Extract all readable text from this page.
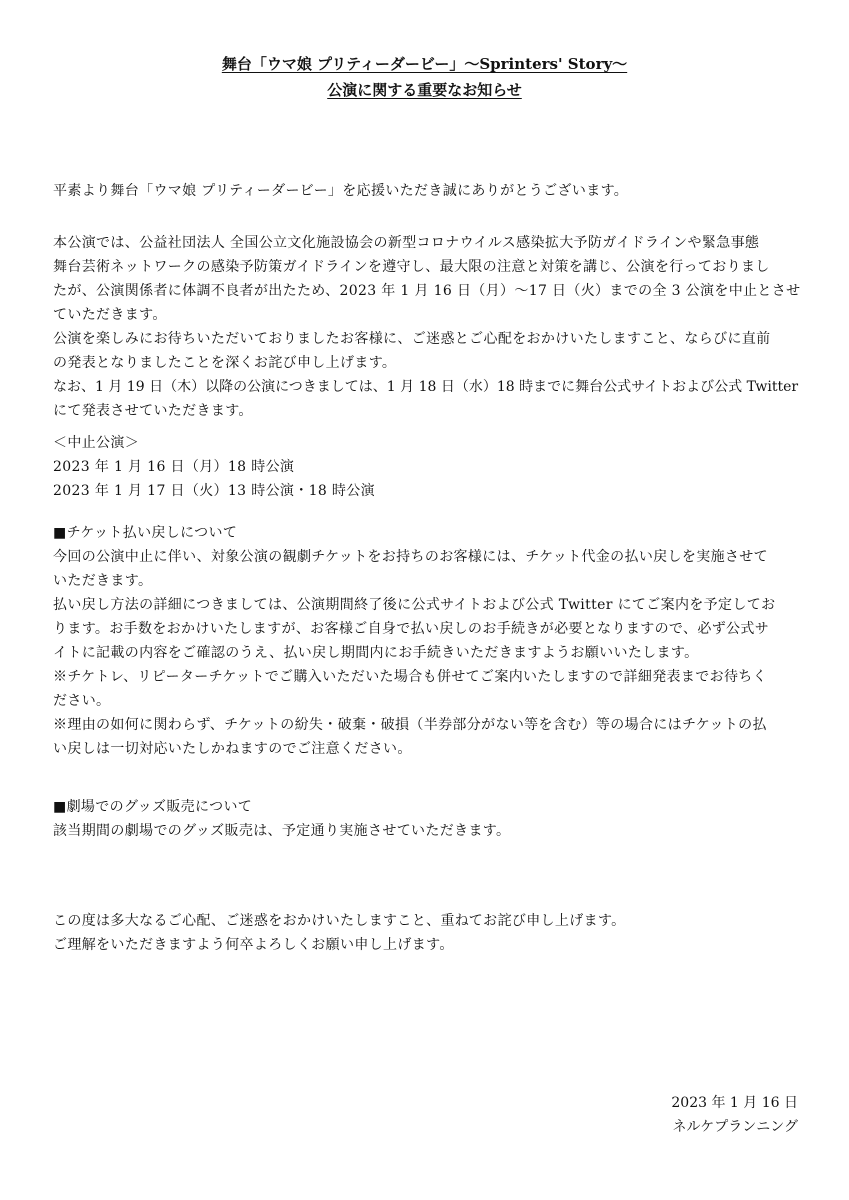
舞台「ウマ娘 プリティーダービー」〜Sprinters' Story〜
公演に関する重要なお知らせ
平素より舞台「ウマ娘 プリティーダービー」を応援いただき誠にありがとうございます。
本公演では、公益社団法人 全国公立文化施設協会の新型コロナウイルス感染拡大予防ガイドラインや緊急事態
舞台芸術ネットワークの感染予防策ガイドラインを遵守し、最大限の注意と対策を講じ、公演を行っておりまし
たが、公演関係者に体調不良者が出たため、2023 年 1 月 16 日（月）〜17 日（火）までの全 3 公演を中止とさせ
ていただきます。
公演を楽しみにお待ちいただいておりましたお客様に、ご迷惑とご心配をおかけいたしますこと、ならびに直前
の発表となりましたことを深くお詫び申し上げます。
なお、1 月 19 日（木）以降の公演につきましては、1 月 18 日（水）18 時までに舞台公式サイトおよび公式 Twitter
にて発表させていただきます。
＜中止公演＞
2023 年 1 月 16 日（月）18 時公演
2023 年 1 月 17 日（火）13 時公演・18 時公演
■チケット払い戻しについて
今回の公演中止に伴い、対象公演の観劇チケットをお持ちのお客様には、チケット代金の払い戻しを実施させて
いただきます。
払い戻し方法の詳細につきましては、公演期間終了後に公式サイトおよび公式 Twitter にてご案内を予定してお
ります。お手数をおかけいたしますが、お客様ご自身で払い戻しのお手続きが必要となりますので、必ず公式サ
イトに記載の内容をご確認のうえ、払い戻し期間内にお手続きいただきますようお願いいたします。
※チケトレ、リピーターチケットでご購入いただいた場合も併せてご案内いたしますので詳細発表までお待ちく
ださい。
※理由の如何に関わらず、チケットの紛失・破棄・破損（半券部分がない等を含む）等の場合にはチケットの払
い戻しは一切対応いたしかねますのでご注意ください。
■劇場でのグッズ販売について
該当期間の劇場でのグッズ販売は、予定通り実施させていただきます。
この度は多大なるご心配、ご迷惑をおかけいたしますこと、重ねてお詫び申し上げます。
ご理解をいただきますよう何卒よろしくお願い申し上げます。
2023 年 1 月 16 日
ネルケプランニング
